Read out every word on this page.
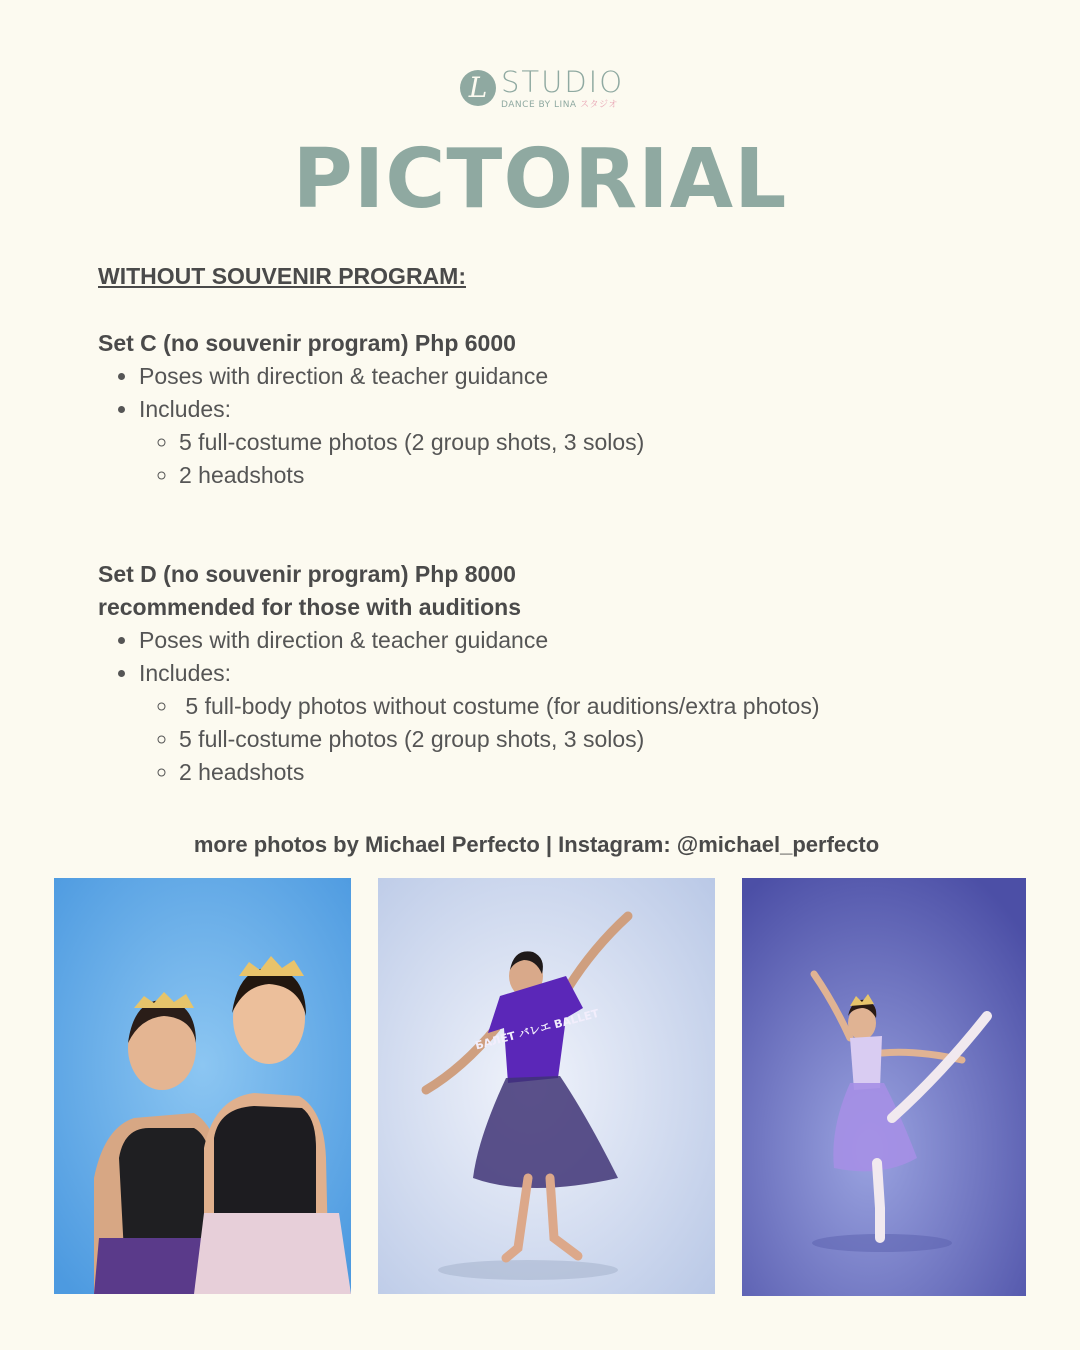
L STUDIO
DANCE BY LINA スタジオ
PICTORIAL

WITHOUT SOUVENIR PROGRAM:

Set C (no souvenir program) Php 6000

• Poses with direction & teacher guidance
• Includes:
◦ 5 full-costume photos (2 group shots, 3 solos)
◦ 2 headshots

Set D (no souvenir program) Php 8000

recommended for those with auditions

• Poses with direction & teacher guidance
• Includes:
◦  5 full-body photos without costume (for auditions/extra photos)
◦ 5 full-costume photos (2 group shots, 3 solos)
◦ 2 headshots
more photos by Michael Perfecto | Instagram: @michael_perfecto
БАЛЕТ バレエ BALLET
